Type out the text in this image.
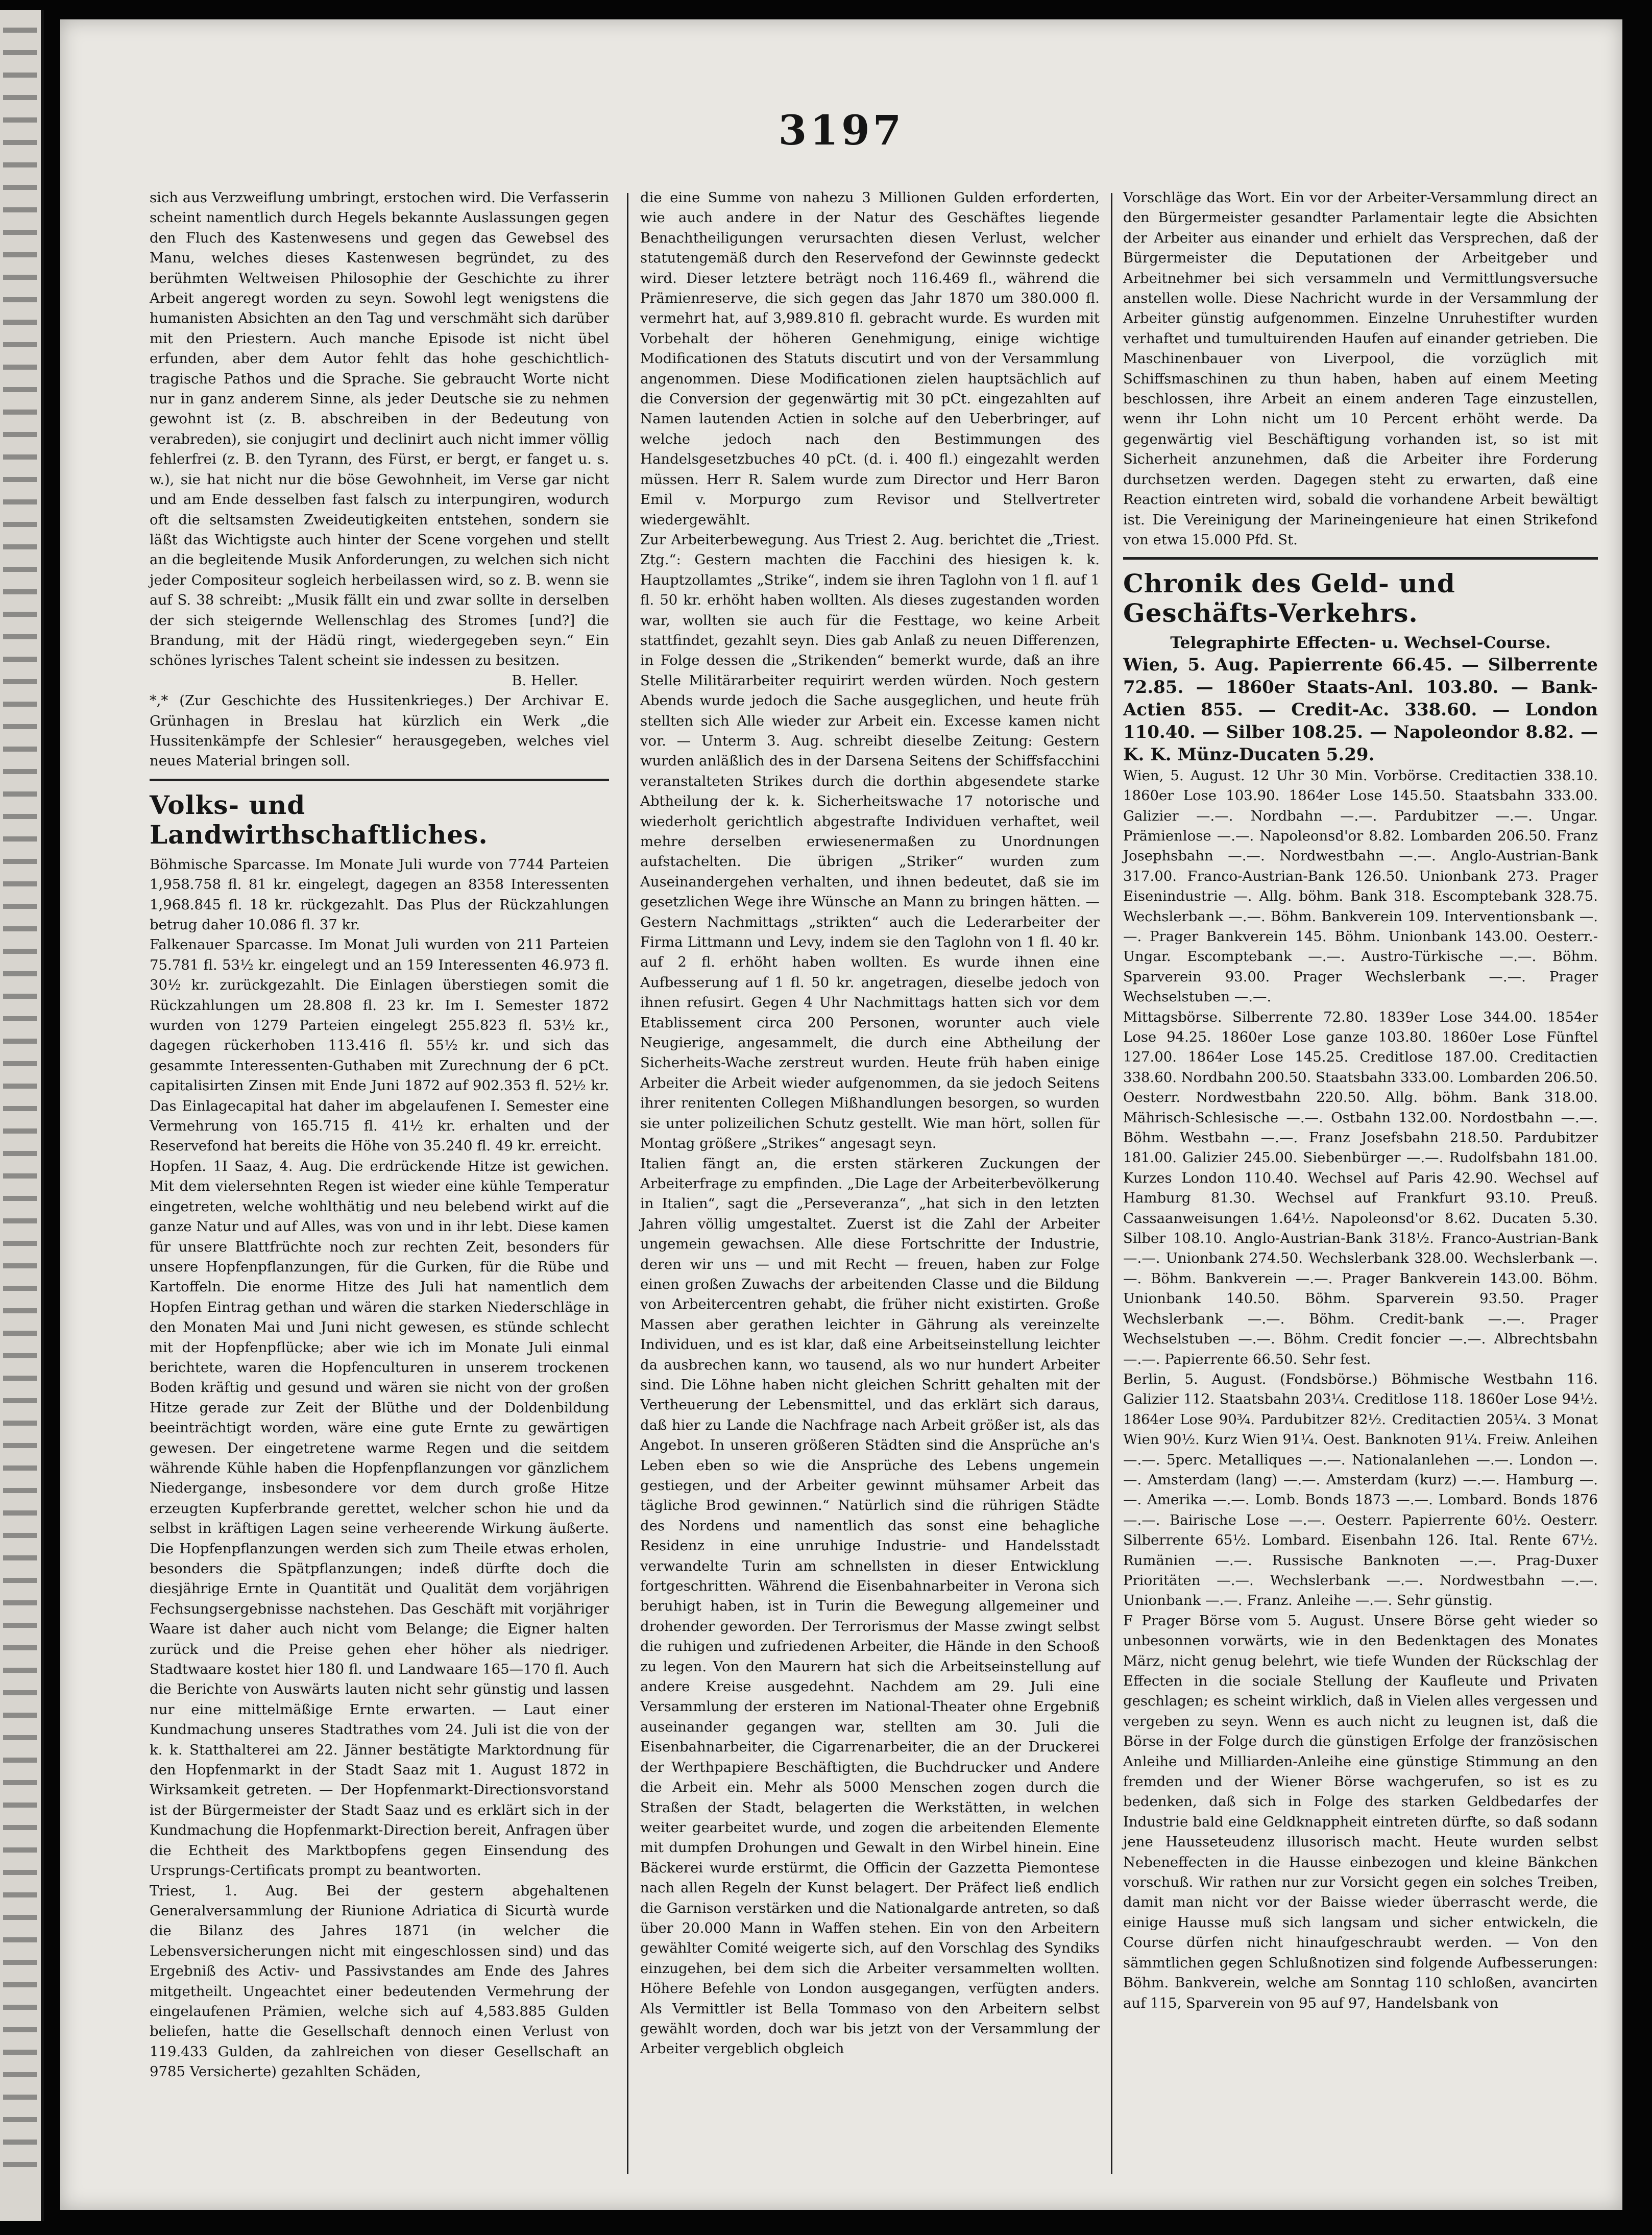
3197

sich aus Verzweiflung umbringt, erstochen wird. Die Verfasserin scheint namentlich durch Hegels bekannte Auslassungen gegen den Fluch des Kastenwesens und gegen das Gewebsel des Manu, welches dieses Kastenwesen begründet, zu des berühmten Weltweisen Philosophie der Geschichte zu ihrer Arbeit angeregt worden zu seyn. Sowohl legt wenigstens die humanisten Absichten an den Tag und verschmäht sich darüber mit den Priestern. Auch manche Episode ist nicht übel erfunden, aber dem Autor fehlt das hohe geschichtlich-tragische Pathos und die Sprache. Sie gebraucht Worte nicht nur in ganz anderem Sinne, als jeder Deutsche sie zu nehmen gewohnt ist (z. B. abschreiben in der Bedeutung von verabreden), sie conjugirt und declinirt auch nicht immer völlig fehlerfrei (z. B. den Tyrann, des Fürst, er bergt, er fanget u. s. w.), sie hat nicht nur die böse Gewohnheit, im Verse gar nicht und am Ende desselben fast falsch zu interpungiren, wodurch oft die seltsamsten Zweideutigkeiten entstehen, sondern sie läßt das Wichtigste auch hinter der Scene vorgehen und stellt an die begleitende Musik Anforderungen, zu welchen sich nicht jeder Compositeur sogleich herbeilassen wird, so z. B. wenn sie auf S. 38 schreibt: „Musik fällt ein und zwar sollte in derselben der sich steigernde Wellenschlag des Stromes [und?] die Brandung, mit der Hädü ringt, wiedergegeben seyn.“ Ein schönes lyrisches Talent scheint sie indessen zu besitzen.

B. Heller.

*,* (Zur Geschichte des Hussitenkrieges.) Der Archivar E. Grünhagen in Breslau hat kürzlich ein Werk „die Hussitenkämpfe der Schlesier“ herausgegeben, welches viel neues Material bringen soll.

Volks- und Landwirthschaftliches.

Böhmische Sparcasse. Im Monate Juli wurde von 7744 Parteien 1,958.758 fl. 81 kr. eingelegt, dagegen an 8358 Interessenten 1,968.845 fl. 18 kr. rückgezahlt. Das Plus der Rückzahlungen betrug daher 10.086 fl. 37 kr.

Falkenauer Sparcasse. Im Monat Juli wurden von 211 Parteien 75.781 fl. 53½ kr. eingelegt und an 159 Interessenten 46.973 fl. 30½ kr. zurückgezahlt. Die Einlagen überstiegen somit die Rückzahlungen um 28.808 fl. 23 kr. Im I. Semester 1872 wurden von 1279 Parteien eingelegt 255.823 fl. 53½ kr., dagegen rückerhoben 113.416 fl. 55½ kr. und sich das gesammte Interessenten-Guthaben mit Zurechnung der 6 pCt. capitalisirten Zinsen mit Ende Juni 1872 auf 902.353 fl. 52½ kr. Das Einlagecapital hat daher im abgelaufenen I. Semester eine Vermehrung von 165.715 fl. 41½ kr. erhalten und der Reservefond hat bereits die Höhe von 35.240 fl. 49 kr. erreicht.

Hopfen. 1I Saaz, 4. Aug. Die erdrückende Hitze ist gewichen. Mit dem vielersehnten Regen ist wieder eine kühle Temperatur eingetreten, welche wohlthätig und neu belebend wirkt auf die ganze Natur und auf Alles, was von und in ihr lebt. Diese kamen für unsere Blattfrüchte noch zur rechten Zeit, besonders für unsere Hopfenpflanzungen, für die Gurken, für die Rübe und Kartoffeln. Die enorme Hitze des Juli hat namentlich dem Hopfen Eintrag gethan und wären die starken Niederschläge in den Monaten Mai und Juni nicht gewesen, es stünde schlecht mit der Hopfenpflücke; aber wie ich im Monate Juli einmal berichtete, waren die Hopfenculturen in unserem trockenen Boden kräftig und gesund und wären sie nicht von der großen Hitze gerade zur Zeit der Blüthe und der Doldenbildung beeinträchtigt worden, wäre eine gute Ernte zu gewärtigen gewesen. Der eingetretene warme Regen und die seitdem währende Kühle haben die Hopfenpflanzungen vor gänzlichem Niedergange, insbesondere vor dem durch große Hitze erzeugten Kupferbrande gerettet, welcher schon hie und da selbst in kräftigen Lagen seine verheerende Wirkung äußerte. Die Hopfenpflanzungen werden sich zum Theile etwas erholen, besonders die Spätpflanzungen; indeß dürfte doch die diesjährige Ernte in Quantität und Qualität dem vorjährigen Fechsungsergebnisse nachstehen. Das Geschäft mit vorjähriger Waare ist daher auch nicht vom Belange; die Eigner halten zurück und die Preise gehen eher höher als niedriger. Stadtwaare kostet hier 180 fl. und Landwaare 165—170 fl. Auch die Berichte von Auswärts lauten nicht sehr günstig und lassen nur eine mittelmäßige Ernte erwarten. — Laut einer Kundmachung unseres Stadtrathes vom 24. Juli ist die von der k. k. Statthalterei am 22. Jänner bestätigte Marktordnung für den Hopfenmarkt in der Stadt Saaz mit 1. August 1872 in Wirksamkeit getreten. — Der Hopfenmarkt-Directionsvorstand ist der Bürgermeister der Stadt Saaz und es erklärt sich in der Kundmachung die Hopfenmarkt-Direction bereit, Anfragen über die Echtheit des Marktbopfens gegen Einsendung des Ursprungs-Certificats prompt zu beantworten.

Triest, 1. Aug. Bei der gestern abgehaltenen Generalversammlung der Riunione Adriatica di Sicurtà wurde die Bilanz des Jahres 1871 (in welcher die Lebensversicherungen nicht mit eingeschlossen sind) und das Ergebniß des Activ- und Passivstandes am Ende des Jahres mitgetheilt. Ungeachtet einer bedeutenden Vermehrung der eingelaufenen Prämien, welche sich auf 4,583.885 Gulden beliefen, hatte die Gesellschaft dennoch einen Verlust von 119.433 Gulden, da zahlreichen von dieser Gesellschaft an 9785 Versicherte) gezahlten Schäden,

die eine Summe von nahezu 3 Millionen Gulden erforderten, wie auch andere in der Natur des Geschäftes liegende Benachtheiligungen verursachten diesen Verlust, welcher statutengemäß durch den Reservefond der Gewinnste gedeckt wird. Dieser letztere beträgt noch 116.469 fl., während die Prämienreserve, die sich gegen das Jahr 1870 um 380.000 fl. vermehrt hat, auf 3,989.810 fl. gebracht wurde. Es wurden mit Vorbehalt der höheren Genehmigung, einige wichtige Modificationen des Statuts discutirt und von der Versammlung angenommen. Diese Modificationen zielen hauptsächlich auf die Conversion der gegenwärtig mit 30 pCt. eingezahlten auf Namen lautenden Actien in solche auf den Ueberbringer, auf welche jedoch nach den Bestimmungen des Handelsgesetzbuches 40 pCt. (d. i. 400 fl.) eingezahlt werden müssen. Herr R. Salem wurde zum Director und Herr Baron Emil v. Morpurgo zum Revisor und Stellvertreter wiedergewählt.

Zur Arbeiterbewegung. Aus Triest 2. Aug. berichtet die „Triest. Ztg.“: Gestern machten die Facchini des hiesigen k. k. Hauptzollamtes „Strike“, indem sie ihren Taglohn von 1 fl. auf 1 fl. 50 kr. erhöht haben wollten. Als dieses zugestanden worden war, wollten sie auch für die Festtage, wo keine Arbeit stattfindet, gezahlt seyn. Dies gab Anlaß zu neuen Differenzen, in Folge dessen die „Strikenden“ bemerkt wurde, daß an ihre Stelle Militärarbeiter requirirt werden würden. Noch gestern Abends wurde jedoch die Sache ausgeglichen, und heute früh stellten sich Alle wieder zur Arbeit ein. Excesse kamen nicht vor. — Unterm 3. Aug. schreibt dieselbe Zeitung: Gestern wurden anläßlich des in der Darsena Seitens der Schiffsfacchini veranstalteten Strikes durch die dorthin abgesendete starke Abtheilung der k. k. Sicherheitswache 17 notorische und wiederholt gerichtlich abgestrafte Individuen verhaftet, weil mehre derselben erwiesenermaßen zu Unordnungen aufstachelten. Die übrigen „Striker“ wurden zum Auseinandergehen verhalten, und ihnen bedeutet, daß sie im gesetzlichen Wege ihre Wünsche an Mann zu bringen hätten. — Gestern Nachmittags „strikten“ auch die Lederarbeiter der Firma Littmann und Levy, indem sie den Taglohn von 1 fl. 40 kr. auf 2 fl. erhöht haben wollten. Es wurde ihnen eine Aufbesserung auf 1 fl. 50 kr. angetragen, dieselbe jedoch von ihnen refusirt. Gegen 4 Uhr Nachmittags hatten sich vor dem Etablissement circa 200 Personen, worunter auch viele Neugierige, angesammelt, die durch eine Abtheilung der Sicherheits-Wache zerstreut wurden. Heute früh haben einige Arbeiter die Arbeit wieder aufgenommen, da sie jedoch Seitens ihrer renitenten Collegen Mißhandlungen besorgen, so wurden sie unter polizeilichen Schutz gestellt. Wie man hört, sollen für Montag größere „Strikes“ angesagt seyn.

Italien fängt an, die ersten stärkeren Zuckungen der Arbeiterfrage zu empfinden. „Die Lage der Arbeiterbevölkerung in Italien“, sagt die „Perseveranza“, „hat sich in den letzten Jahren völlig umgestaltet. Zuerst ist die Zahl der Arbeiter ungemein gewachsen. Alle diese Fortschritte der Industrie, deren wir uns — und mit Recht — freuen, haben zur Folge einen großen Zuwachs der arbeitenden Classe und die Bildung von Arbeitercentren gehabt, die früher nicht existirten. Große Massen aber gerathen leichter in Gährung als vereinzelte Individuen, und es ist klar, daß eine Arbeitseinstellung leichter da ausbrechen kann, wo tausend, als wo nur hundert Arbeiter sind. Die Löhne haben nicht gleichen Schritt gehalten mit der Vertheuerung der Lebensmittel, und das erklärt sich daraus, daß hier zu Lande die Nachfrage nach Arbeit größer ist, als das Angebot. In unseren größeren Städten sind die Ansprüche an's Leben eben so wie die Ansprüche des Lebens ungemein gestiegen, und der Arbeiter gewinnt mühsamer Arbeit das tägliche Brod gewinnen.“ Natürlich sind die rührigen Städte des Nordens und namentlich das sonst eine behagliche Residenz in eine unruhige Industrie- und Handelsstadt verwandelte Turin am schnellsten in dieser Entwicklung fortgeschritten. Während die Eisenbahnarbeiter in Verona sich beruhigt haben, ist in Turin die Bewegung allgemeiner und drohender geworden. Der Terrorismus der Masse zwingt selbst die ruhigen und zufriedenen Arbeiter, die Hände in den Schooß zu legen. Von den Maurern hat sich die Arbeitseinstellung auf andere Kreise ausgedehnt. Nachdem am 29. Juli eine Versammlung der ersteren im National-Theater ohne Ergebniß auseinander gegangen war, stellten am 30. Juli die Eisenbahnarbeiter, die Cigarrenarbeiter, die an der Druckerei der Werthpapiere Beschäftigten, die Buchdrucker und Andere die Arbeit ein. Mehr als 5000 Menschen zogen durch die Straßen der Stadt, belagerten die Werkstätten, in welchen weiter gearbeitet wurde, und zogen die arbeitenden Elemente mit dumpfen Drohungen und Gewalt in den Wirbel hinein. Eine Bäckerei wurde erstürmt, die Officin der Gazzetta Piemontese nach allen Regeln der Kunst belagert. Der Präfect ließ endlich die Garnison verstärken und die Nationalgarde antreten, so daß über 20.000 Mann in Waffen stehen. Ein von den Arbeitern gewählter Comité weigerte sich, auf den Vorschlag des Syndiks einzugehen, bei dem sich die Arbeiter versammelten wollten. Höhere Befehle von London ausgegangen, verfügten anders. Als Vermittler ist Bella Tommaso von den Arbeitern selbst gewählt worden, doch war bis jetzt von der Versammlung der Arbeiter vergeblich obgleich

Vorschläge das Wort. Ein vor der Arbeiter-Versammlung direct an den Bürgermeister gesandter Parlamentair legte die Absichten der Arbeiter aus einander und erhielt das Versprechen, daß der Bürgermeister die Deputationen der Arbeitgeber und Arbeitnehmer bei sich versammeln und Vermittlungsversuche anstellen wolle. Diese Nachricht wurde in der Versammlung der Arbeiter günstig aufgenommen. Einzelne Unruhestifter wurden verhaftet und tumultuirenden Haufen auf einander getrieben. Die Maschinenbauer von Liverpool, die vorzüglich mit Schiffsmaschinen zu thun haben, haben auf einem Meeting beschlossen, ihre Arbeit an einem anderen Tage einzustellen, wenn ihr Lohn nicht um 10 Percent erhöht werde. Da gegenwärtig viel Beschäftigung vorhanden ist, so ist mit Sicherheit anzunehmen, daß die Arbeiter ihre Forderung durchsetzen werden. Dagegen steht zu erwarten, daß eine Reaction eintreten wird, sobald die vorhandene Arbeit bewältigt ist. Die Vereinigung der Marineingenieure hat einen Strikefond von etwa 15.000 Pfd. St.

Chronik des Geld- und Geschäfts-Verkehrs.

Telegraphirte Effecten- u. Wechsel-Course.

Wien, 5. Aug. Papierrente 66.45. — Silberrente 72.85. — 1860er Staats-Anl. 103.80. — Bank-Actien 855. — Credit-Ac. 338.60. — London 110.40. — Silber 108.25. — Napoleondor 8.82. — K. K. Münz-Ducaten 5.29.

Wien, 5. August. 12 Uhr 30 Min. Vorbörse. Creditactien 338.10. 1860er Lose 103.90. 1864er Lose 145.50. Staatsbahn 333.00. Galizier —.—. Nordbahn —.—. Pardubitzer —.—. Ungar. Prämienlose —.—. Napoleonsd'or 8.82. Lombarden 206.50. Franz Josephsbahn —.—. Nordwestbahn —.—. Anglo-Austrian-Bank 317.00. Franco-Austrian-Bank 126.50. Unionbank 273. Prager Eisenindustrie —. Allg. böhm. Bank 318. Escomptebank 328.75. Wechslerbank —.—. Böhm. Bankverein 109. Interventionsbank —.—. Prager Bankverein 145. Böhm. Unionbank 143.00. Oesterr.-Ungar. Escomptebank —.—. Austro-Türkische —.—. Böhm. Sparverein 93.00. Prager Wechslerbank —.—. Prager Wechselstuben —.—.

Mittagsbörse. Silberrente 72.80. 1839er Lose 344.00. 1854er Lose 94.25. 1860er Lose ganze 103.80. 1860er Lose Fünftel 127.00. 1864er Lose 145.25. Creditlose 187.00. Creditactien 338.60. Nordbahn 200.50. Staatsbahn 333.00. Lombarden 206.50. Oesterr. Nordwestbahn 220.50. Allg. böhm. Bank 318.00. Mährisch-Schlesische —.—. Ostbahn 132.00. Nordostbahn —.—. Böhm. Westbahn —.—. Franz Josefsbahn 218.50. Pardubitzer 181.00. Galizier 245.00. Siebenbürger —.—. Rudolfsbahn 181.00. Kurzes London 110.40. Wechsel auf Paris 42.90. Wechsel auf Hamburg 81.30. Wechsel auf Frankfurt 93.10. Preuß. Cassaanweisungen 1.64½. Napoleonsd'or 8.62. Ducaten 5.30. Silber 108.10. Anglo-Austrian-Bank 318½. Franco-Austrian-Bank —.—. Unionbank 274.50. Wechslerbank 328.00. Wechslerbank —.—. Böhm. Bankverein —.—. Prager Bankverein 143.00. Böhm. Unionbank 140.50. Böhm. Sparverein 93.50. Prager Wechslerbank —.—. Böhm. Credit-bank —.—. Prager Wechselstuben —.—. Böhm. Credit foncier —.—. Albrechtsbahn —.—. Papierrente 66.50. Sehr fest.

Berlin, 5. August. (Fondsbörse.) Böhmische Westbahn 116. Galizier 112. Staatsbahn 203¼. Creditlose 118. 1860er Lose 94½. 1864er Lose 90¾. Pardubitzer 82½. Creditactien 205¼. 3 Monat Wien 90½. Kurz Wien 91¼. Oest. Banknoten 91¼. Freiw. Anleihen —.—. 5perc. Metalliques —.—. Nationalanlehen —.—. London —.—. Amsterdam (lang) —.—. Amsterdam (kurz) —.—. Hamburg —.—. Amerika —.—. Lomb. Bonds 1873 —.—. Lombard. Bonds 1876 —.—. Bairische Lose —.—. Oesterr. Papierrente 60½. Oesterr. Silberrente 65½. Lombard. Eisenbahn 126. Ital. Rente 67½. Rumänien —.—. Russische Banknoten —.—. Prag-Duxer Prioritäten —.—. Wechslerbank —.—. Nordwestbahn —.—. Unionbank —.—. Franz. Anleihe —.—. Sehr günstig.

F Prager Börse vom 5. August. Unsere Börse geht wieder so unbesonnen vorwärts, wie in den Bedenktagen des Monates März, nicht genug belehrt, wie tiefe Wunden der Rückschlag der Effecten in die sociale Stellung der Kaufleute und Privaten geschlagen; es scheint wirklich, daß in Vielen alles vergessen und vergeben zu seyn. Wenn es auch nicht zu leugnen ist, daß die Börse in der Folge durch die günstigen Erfolge der französischen Anleihe und Milliarden-Anleihe eine günstige Stimmung an den fremden und der Wiener Börse wachgerufen, so ist es zu bedenken, daß sich in Folge des starken Geldbedarfes der Industrie bald eine Geldknappheit eintreten dürfte, so daß sodann jene Hausseteudenz illusorisch macht. Heute wurden selbst Nebeneffecten in die Hausse einbezogen und kleine Bänkchen vorschuß. Wir rathen nur zur Vorsicht gegen ein solches Treiben, damit man nicht vor der Baisse wieder überrascht werde, die einige Hausse muß sich langsam und sicher entwickeln, die Course dürfen nicht hinaufgeschraubt werden. — Von den sämmtlichen gegen Schlußnotizen sind folgende Aufbesserungen: Böhm. Bankverein, welche am Sonntag 110 schloßen, avancirten auf 115, Sparverein von 95 auf 97, Handelsbank von
